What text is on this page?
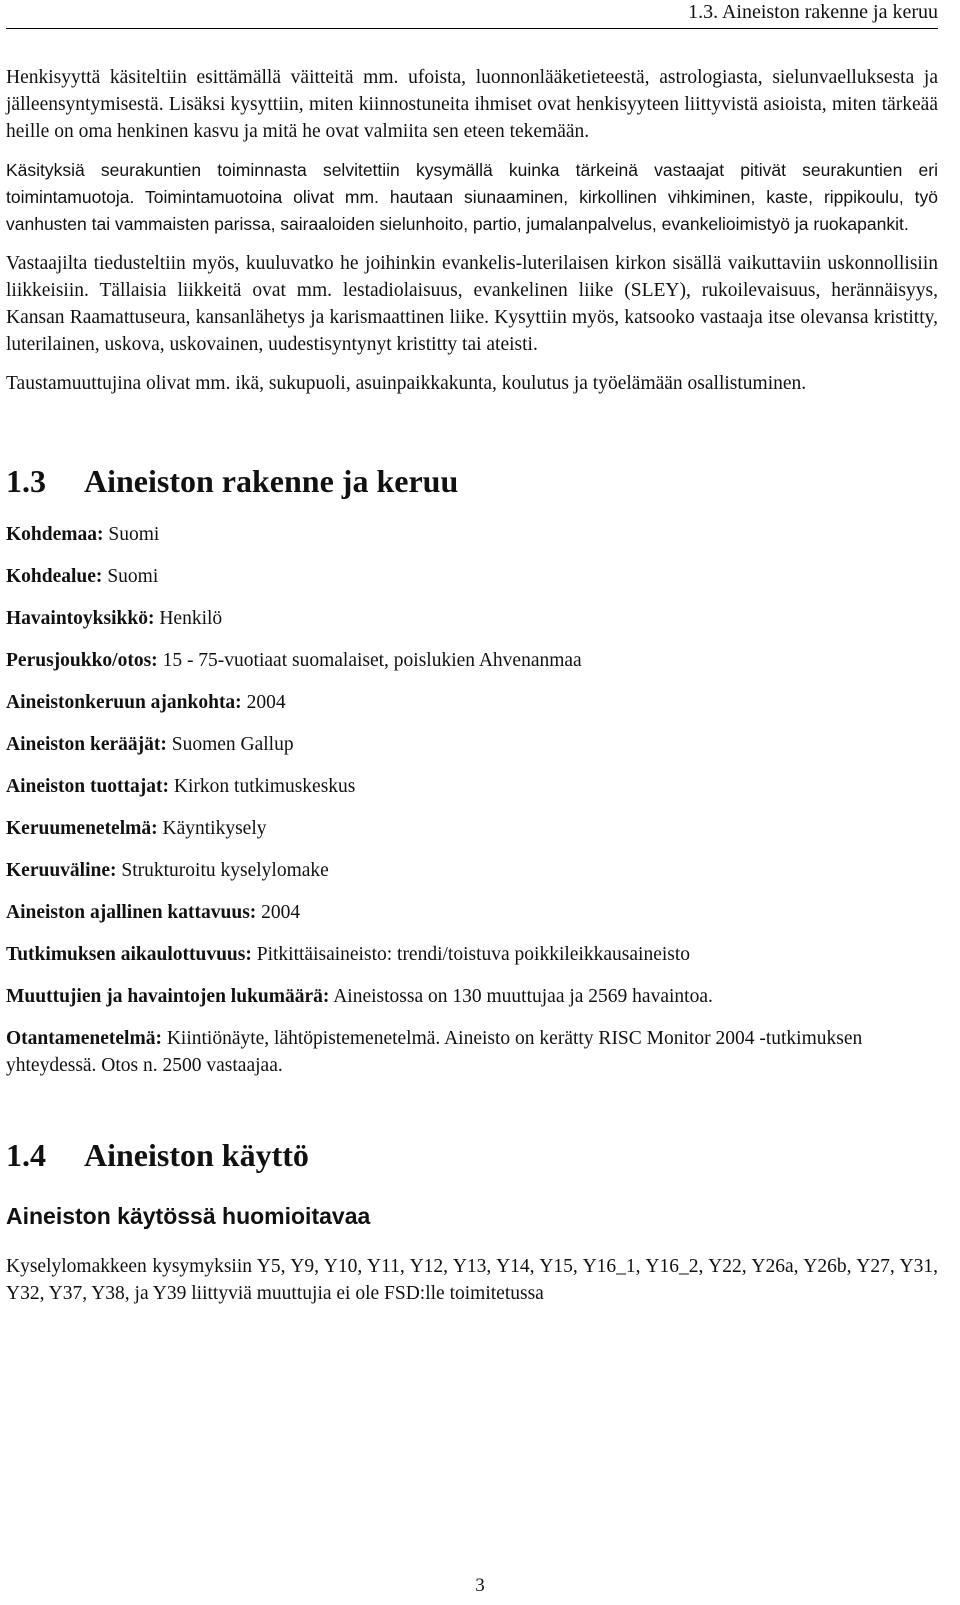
1.3. Aineiston rakenne ja keruu

Henkisyyttä käsiteltiin esittämällä väitteitä mm. ufoista, luonnonlääketieteestä, astrologiasta, sielunvaelluksesta ja jälleensyntymisestä. Lisäksi kysyttiin, miten kiinnostuneita ihmiset ovat henkisyyteen liittyvistä asioista, miten tärkeää heille on oma henkinen kasvu ja mitä he ovat valmiita sen eteen tekemään.

Käsityksiä seurakuntien toiminnasta selvitettiin kysymällä kuinka tärkeinä vastaajat pitivät seurakuntien eri toimintamuotoja. Toimintamuotoina olivat mm. hautaan siunaaminen, kirkollinen vihkiminen, kaste, rippikoulu, työ vanhusten tai vammaisten parissa, sairaaloiden sielunhoito, partio, jumalanpalvelus, evankelioimistyö ja ruokapankit.

Vastaajilta tiedusteltiin myös, kuuluvatko he joihinkin evankelis-luterilaisen kirkon sisällä vaikuttaviin uskonnollisiin liikkeisiin. Tällaisia liikkeitä ovat mm. lestadiolaisuus, evankelinen liike (SLEY), rukoilevaisuus, herännäisyys, Kansan Raamattuseura, kansanlähetys ja karismaattinen liike. Kysyttiin myös, katsooko vastaaja itse olevansa kristitty, luterilainen, uskova, uskovainen, uudestisyntynyt kristitty tai ateisti.

Taustamuuttujina olivat mm. ikä, sukupuoli, asuinpaikkakunta, koulutus ja työelämään osallistuminen.

1.3 Aineiston rakenne ja keruu

Kohdemaa: Suomi

Kohdealue: Suomi

Havaintoyksikkö: Henkilö

Perusjoukko/otos: 15 - 75-vuotiaat suomalaiset, poislukien Ahvenanmaa

Aineistonkeruun ajankohta: 2004

Aineiston kerääjät: Suomen Gallup

Aineiston tuottajat: Kirkon tutkimuskeskus

Keruumenetelmä: Käyntikysely

Keruuväline: Strukturoitu kyselylomake

Aineiston ajallinen kattavuus: 2004

Tutkimuksen aikaulottuvuus: Pitkittäisaineisto: trendi/toistuva poikkileikkausaineisto

Muuttujien ja havaintojen lukumäärä: Aineistossa on 130 muuttujaa ja 2569 havaintoa.

Otantamenetelmä: Kiintiönäyte, lähtöpistemenetelmä. Aineisto on kerätty RISC Monitor 2004 -tutkimuksen yhteydessä. Otos n. 2500 vastaajaa.

1.4 Aineiston käyttö
Aineiston käytössä huomioitavaa

Kyselylomakkeen kysymyksiin Y5, Y9, Y10, Y11, Y12, Y13, Y14, Y15, Y16_1, Y16_2, Y22, Y26a, Y26b, Y27, Y31, Y32, Y37, Y38, ja Y39 liittyviä muuttujia ei ole FSD:lle toimitetussa

3
